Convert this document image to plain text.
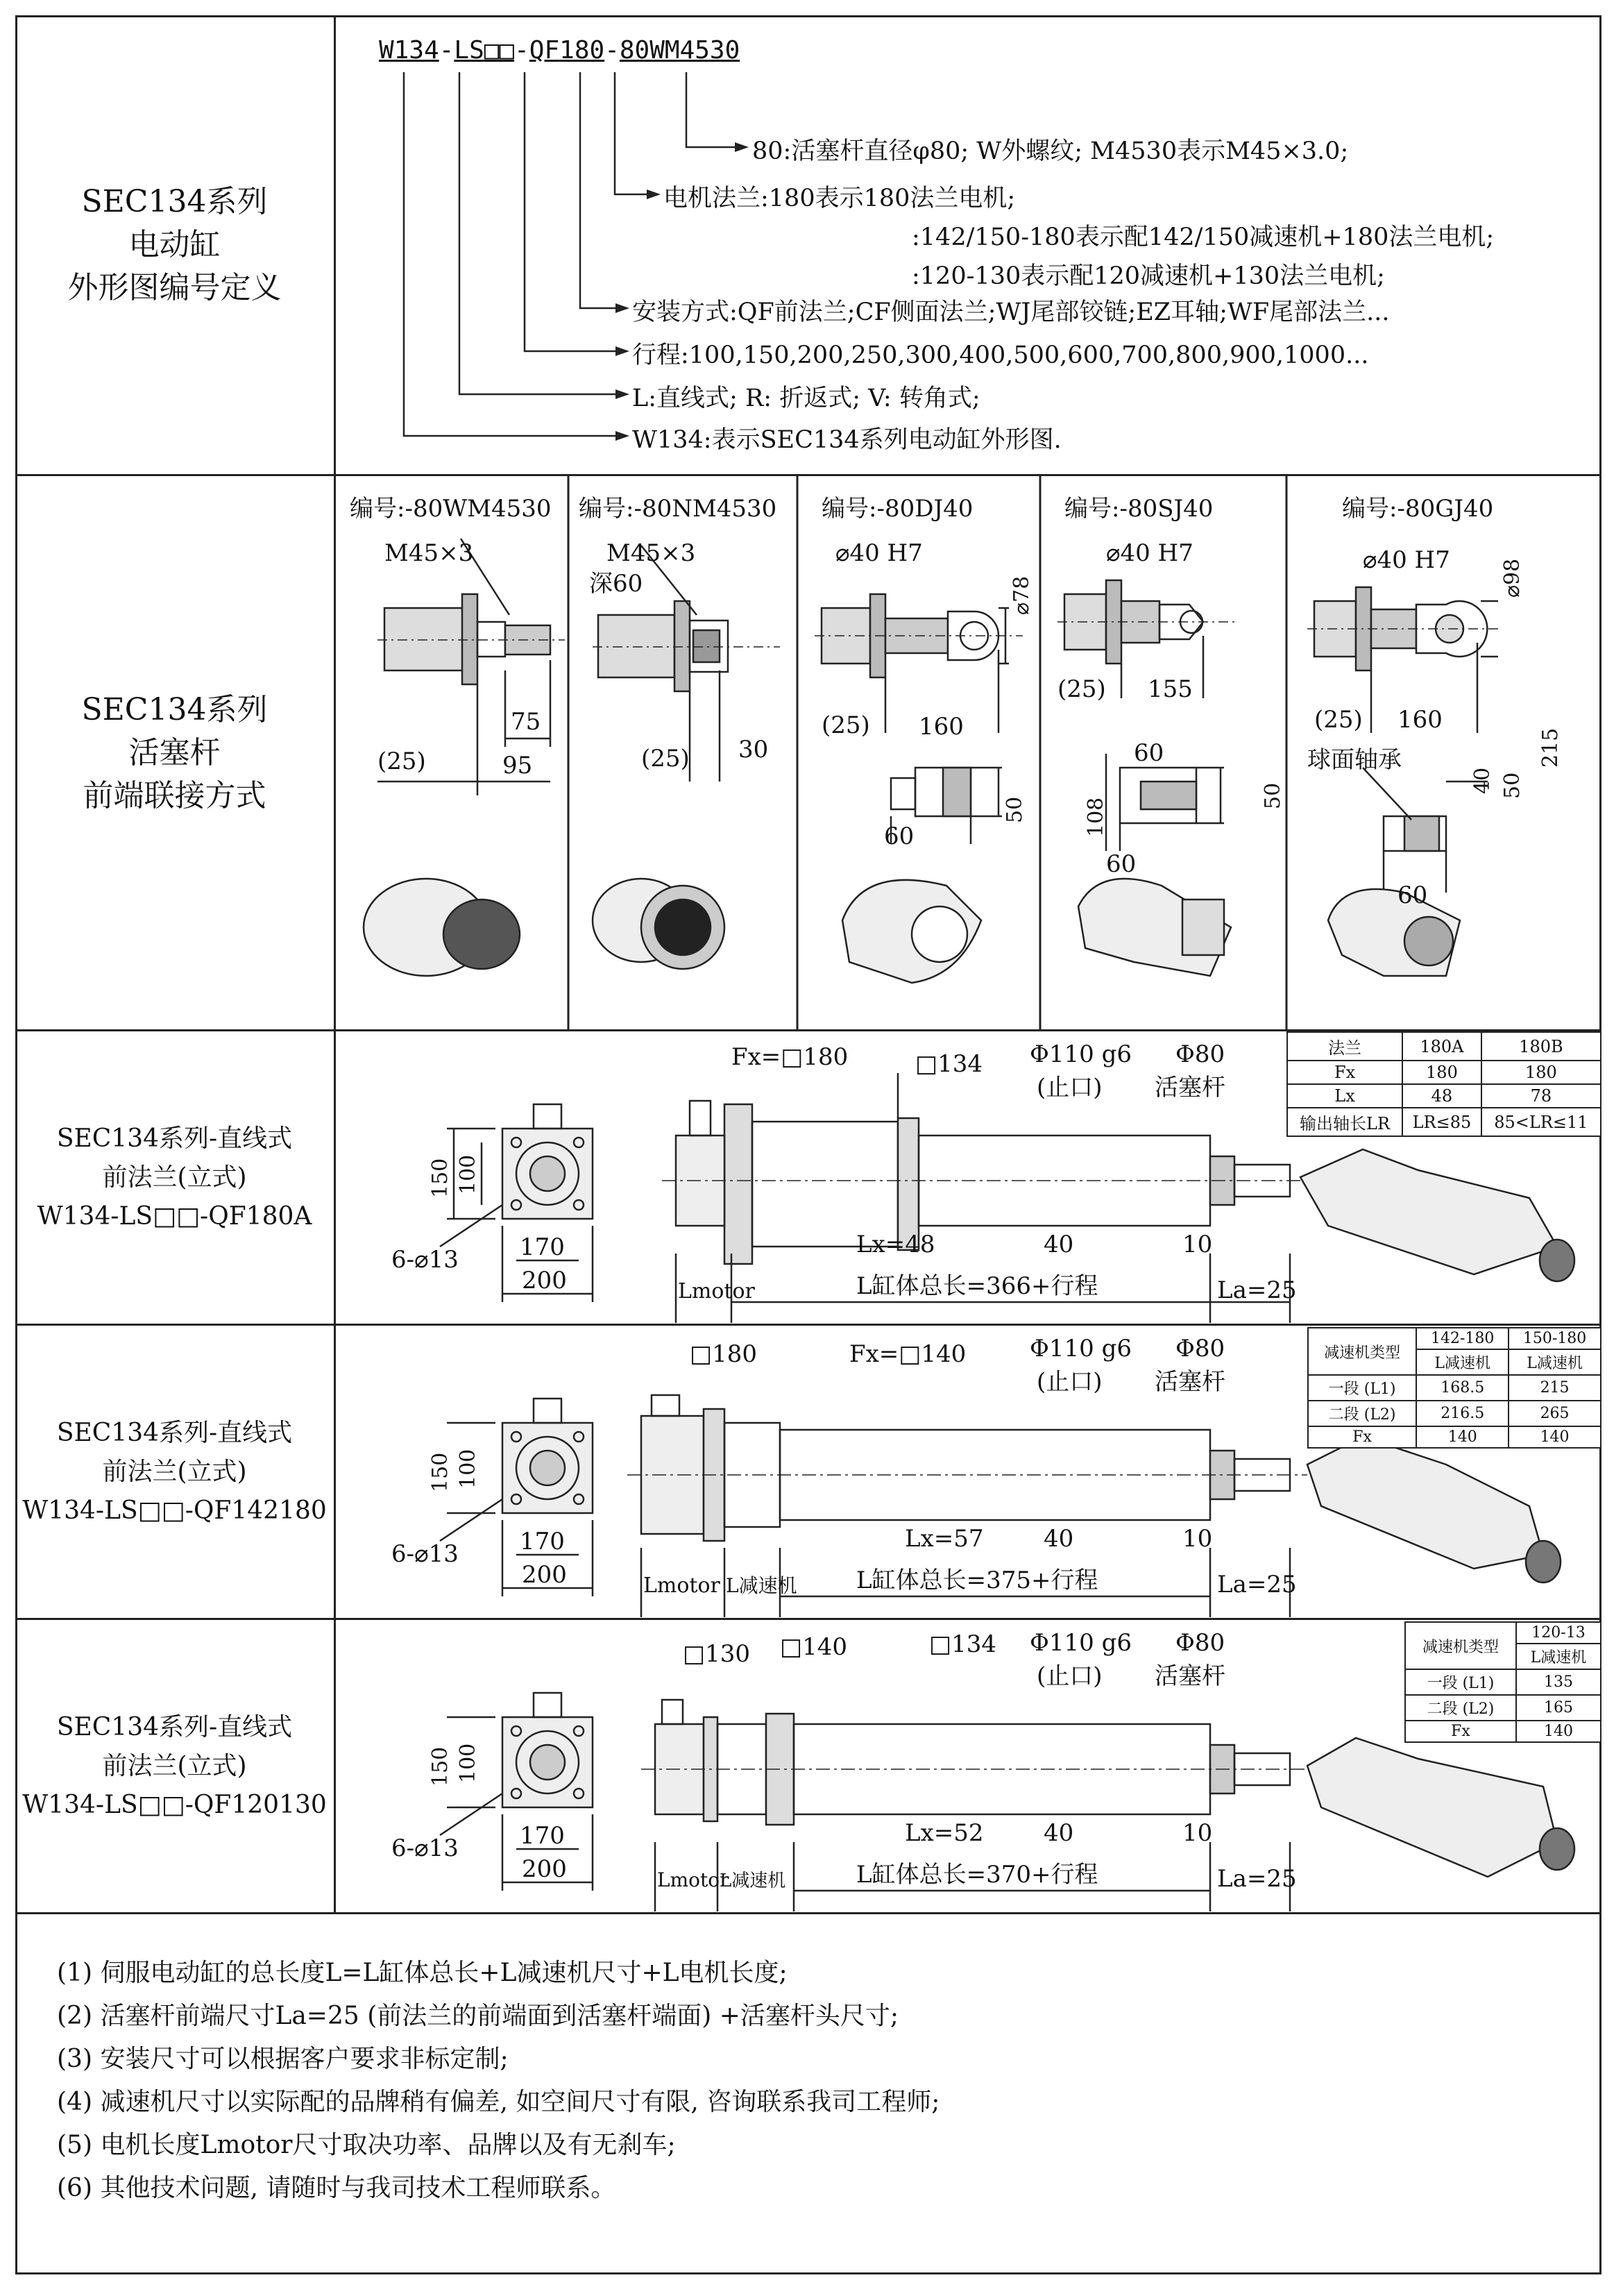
SEC134系列
电动缸
外形图编号定义
W134-LS□□-QF180-80WM4530
80:活塞杆直径φ80; W外螺纹; M4530表示M45×3.0;
电机法兰:180表示180法兰电机;
:142/150-180表示配142/150减速机+180法兰电机;
:120-130表示配120减速机+130法兰电机;
安装方式:QF前法兰;CF侧面法兰;WJ尾部铰链;EZ耳轴;WF尾部法兰...
行程:100,150,200,250,300,400,500,600,700,800,900,1000...
L:直线式; R: 折返式; V: 转角式;
W134:表示SEC134系列电动缸外形图.
SEC134系列
活塞杆
前端联接方式
编号:-80WM4530
M45×3
75
(25)	95
编号:-80NM4530
M45×3
深60
(25) 30
编号:-80DJ40
⌀40 H7
⌀78
(25) 160
60
50
编号:-80SJ40
⌀40 H7
(25) 155
60
50
108
60
编号:-80GJ40
⌀40 H7 ⌀98
(25) 160
球面轴承
40 50
215
60
SEC134系列-直线式
前法兰(立式)
W134-LS□□-QF180A
150 100
6-⌀13	170
200
Fx=□180	□134 Φ110 g6
(止口)
Φ80
活塞杆
Lx=48	40	10
Lmotor	L缸体总长=366+行程	La=25
法兰	180A	180B
Fx	180	180
Lx	48	78
输出轴长LR	LR≤85	85<LR≤11
SEC134系列-直线式
前法兰(立式)
W134-LS□□-QF142180
150 100
6-⌀13	170
200
□180	Fx=□140	Φ110 g6
(止口)
Φ80
活塞杆
Lx=57	40	10
Lmotor L减速机	L缸体总长=375+行程	La=25
减速机类型	142-180	150-180
	L减速机	L减速机
一段 (L1)	168.5	215
二段 (L2)	216.5	265
Fx	140	140
SEC134系列-直线式
前法兰(立式)
W134-LS□□-QF120130
150 100
6-⌀13	170
200
□130 □140	□134 Φ110 g6
(止口)
Φ80
活塞杆
Lx=52	40	10
Lmotor
L减速机	L缸体总长=370+行程	La=25
减速机类型	120-13
	L减速机
一段 (L1)	135
二段 (L2)	165
Fx	140
(1) 伺服电动缸的总长度L=L缸体总长+L减速机尺寸+L电机长度;
(2) 活塞杆前端尺寸La=25 (前法兰的前端面到活塞杆端面) +活塞杆头尺寸;
(3) 安装尺寸可以根据客户要求非标定制;
(4) 减速机尺寸以实际配的品牌稍有偏差, 如空间尺寸有限, 咨询联系我司工程师;
(5) 电机长度Lmotor尺寸取决功率、品牌以及有无刹车;
(6) 其他技术问题, 请随时与我司技术工程师联系。
